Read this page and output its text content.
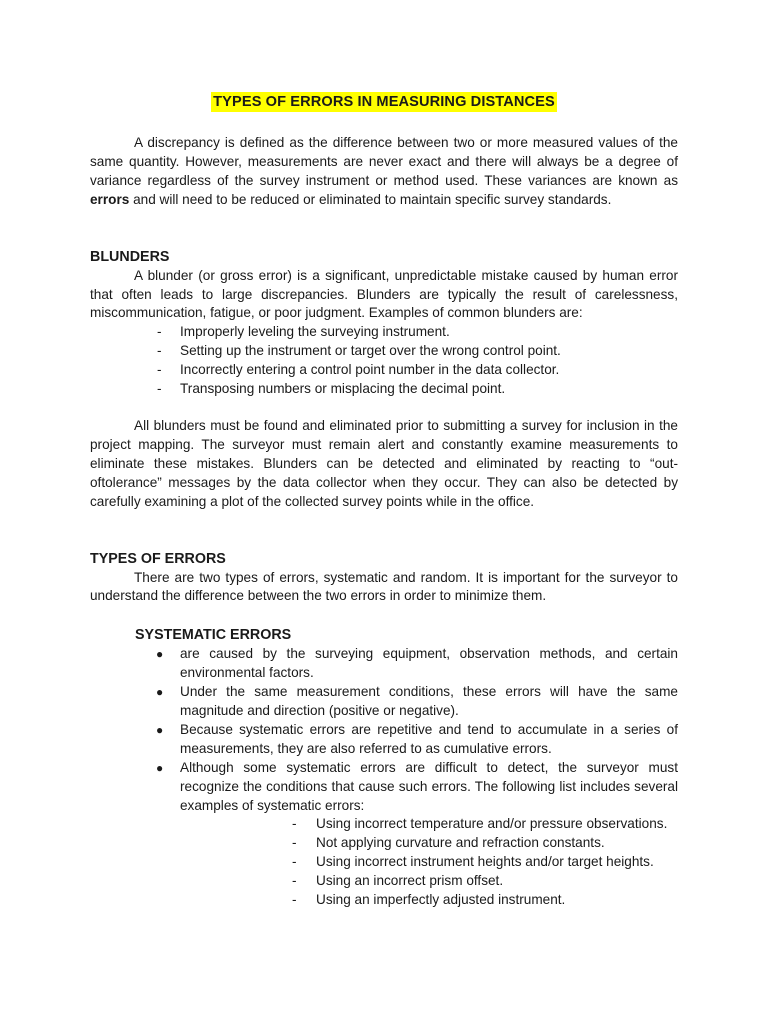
TYPES OF ERRORS IN MEASURING DISTANCES

A discrepancy is defined as the difference between two or more measured values of the same quantity. However, measurements are never exact and there will always be a degree of variance regardless of the survey instrument or method used. These variances are known as errors and will need to be reduced or eliminated to maintain specific survey standards.

BLUNDERS

A blunder (or gross error) is a significant, unpredictable mistake caused by human error that often leads to large discrepancies. Blunders are typically the result of carelessness, miscommunication, fatigue, or poor judgment. Examples of common blunders are:

- Improperly leveling the surveying instrument.
- Setting up the instrument or target over the wrong control point.
- Incorrectly entering a control point number in the data collector.
- Transposing numbers or misplacing the decimal point.

All blunders must be found and eliminated prior to submitting a survey for inclusion in the project mapping. The surveyor must remain alert and constantly examine measurements to eliminate these mistakes. Blunders can be detected and eliminated by reacting to “out-oftolerance” messages by the data collector when they occur. They can also be detected by carefully examining a plot of the collected survey points while in the office.

TYPES OF ERRORS

There are two types of errors, systematic and random. It is important for the surveyor to understand the difference between the two errors in order to minimize them.

SYSTEMATIC ERRORS
● are caused by the surveying equipment, observation methods, and certain environmental factors.
● Under the same measurement conditions, these errors will have the same magnitude and direction (positive or negative).
● Because systematic errors are repetitive and tend to accumulate in a series of measurements, they are also referred to as cumulative errors.
● Although some systematic errors are difficult to detect, the surveyor must recognize the conditions that cause such errors. The following list includes several examples of systematic errors:
- Using incorrect temperature and/or pressure observations.
- Not applying curvature and refraction constants.
- Using incorrect instrument heights and/or target heights.
- Using an incorrect prism offset.
- Using an imperfectly adjusted instrument.
